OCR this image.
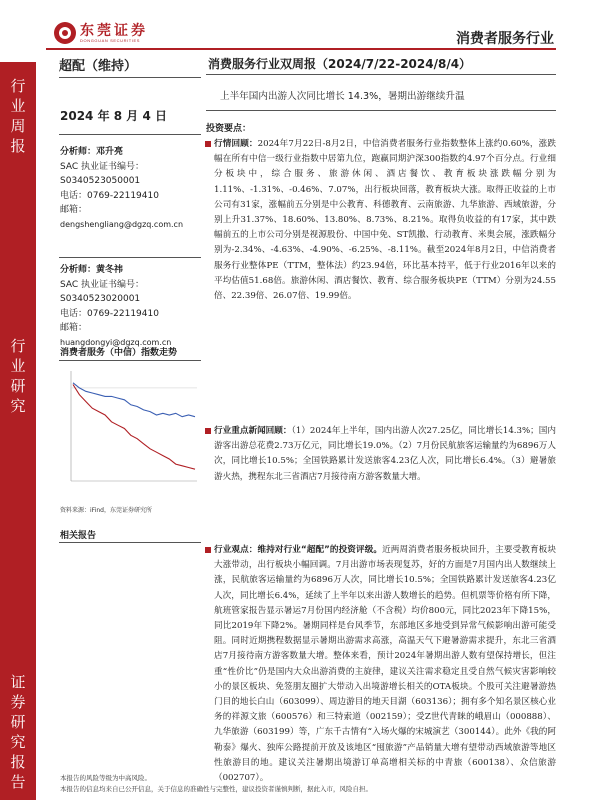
东莞证券
DONGGUAN SECURITIES	消费者服务行业
行
业
周
报
行
业
研
究
证
券
研
究
报
告
超配（维持）
2024 年 8 月 4 日
分析师：邓升亮
SAC 执业证书编号：
S0340523050001
电话：0769-22119410
邮箱：
dengshengliang@dgzq.com.cn
分析师：黄冬祎
SAC 执业证书编号：
S0340523020001
电话：0769-22119410
邮箱：
huangdongyi@dgzq.com.cn
消费者服务（中信）指数走势
资料来源：iFind，东莞证券研究所
相关报告
消费服务行业双周报（2024/7/22-2024/8/4）
上半年国内出游人次同比增长 14.3%，暑期出游继续升温
投资要点：
行情回顾：2024年7月22日-8月2日，中信消费者服务行业指数整体上涨约0.60%，涨跌幅在所有中信一级行业指数中居第九位，跑赢同期沪深300指数约4.97个百分点。行业细分板块中，综合服务、旅游休闲、酒店餐饮、教育板块涨跌幅分别为1.11%、-1.31%、-0.46%、7.07%，出行板块回落，教育板块大涨。取得正收益的上市公司有31家，涨幅前五分别是中公教育、科德教育、云南旅游、九华旅游、西域旅游，分别上升31.37%、18.60%、13.80%、8.73%、8.21%。取得负收益的有17家，其中跌幅前五的上市公司分别是视源股份、中国中免、ST凯撒、行动教育、米奥会展，涨跌幅分别为-2.34%、-4.63%、-4.90%、-6.25%、-8.11%。截至2024年8月2日，中信消费者服务行业整体PE（TTM，整体法）约23.94倍，环比基本持平，低于行业2016年以来的平均估值51.68倍。旅游休闲、酒店餐饮、教育、综合服务板块PE（TTM）分别为24.55倍、22.39倍、26.07倍、19.99倍。
行业重点新闻回顾：（1）2024年上半年，国内出游人次27.25亿，同比增长14.3%；国内游客出游总花费2.73万亿元，同比增长19.0%。（2）7月份民航旅客运输量约为6896万人次，同比增长10.5%；全国铁路累计发送旅客4.23亿人次，同比增长6.4%。（3）避暑旅游火热，携程东北三省酒店7月接待南方游客数量大增。
行业观点：维持对行业“超配”的投资评级。近两周消费者服务板块回升，主要受教育板块大涨带动，出行板块小幅回调。7月出游市场表现复苏，好的方面是7月国内出人数继续上涨，民航旅客运输量约为6896万人次，同比增长10.5%；全国铁路累计发送旅客4.23亿人次，同比增长6.4%，延续了上半年以来出游人数增长的趋势。但机票等价格有所下降，航班管家报告显示暑运7月份国内经济舱（不含税）均价800元，同比2023年下降15%，同比2019年下降2%。暑期同样是台风季节，东部地区多地受到异常气候影响出游可能受阻。同时近期携程数据显示暑期出游需求高涨，高温天气下避暑游需求提升，东北三省酒店7月接待南方游客数量大增。整体来看，预计2024年暑期出游人数有望保持增长，但注重“性价比”仍是国内大众出游消费的主旋律，建议关注需求稳定且受自然气候灾害影响较小的景区板块、免签朋友圈扩大带动入出境游增长相关的OTA板块。个股可关注避暑游热门目的地长白山（603099）、周边游目的地天目湖（603136）；拥有多个知名景区核心业务的祥源文旅（600576）和三特索道（002159）；受Z世代青睐的峨眉山（000888）、九华旅游（603199）等，广东千古情有“入场火爆的宋城演艺（300144）。此外《我的阿勒泰》爆火、独库公路提前开放及该地区“囤旅游”产品销量大增有望带动西域旅游等地区性旅游目的地。建议关注暑期出境游订单高增相关标的中青旅（600138）、众信旅游（002707）。
本报告的风险等级为中高风险。
本报告的信息均来自已公开信息，关于信息的准确性与完整性，建议投资者谨慎判断，据此入市，风险自担。
